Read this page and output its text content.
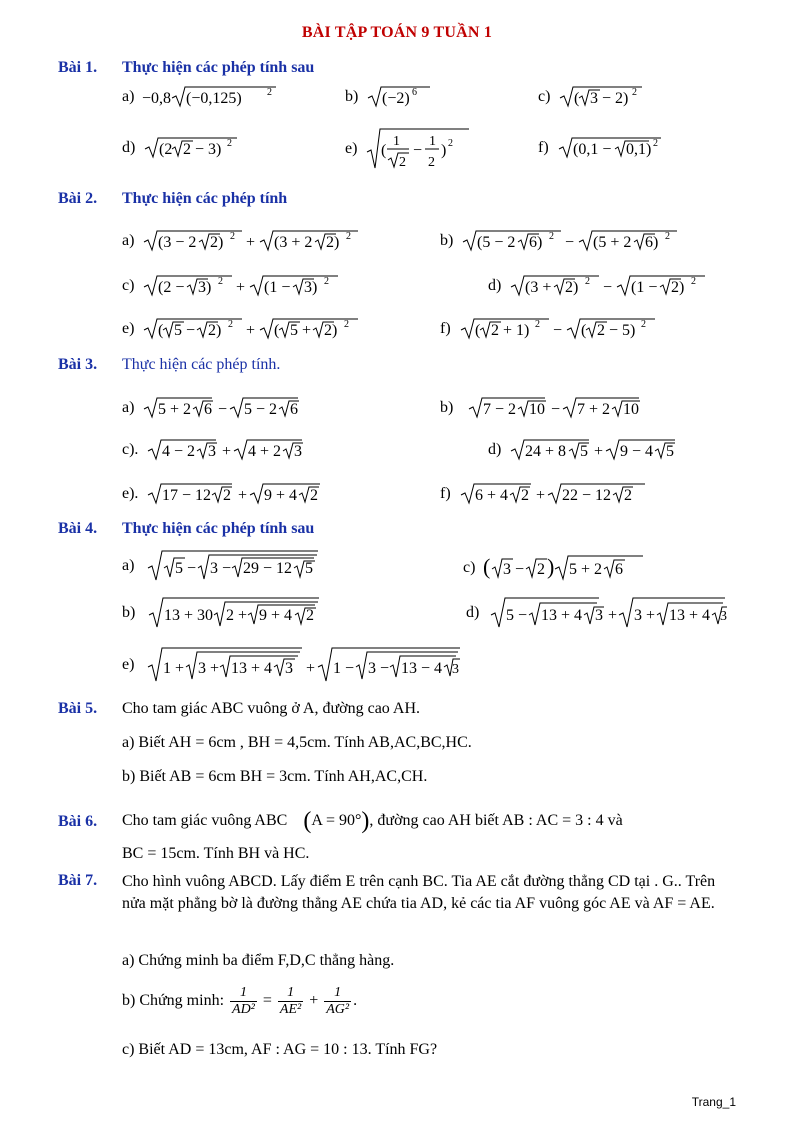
BÀI TẬP TOÁN 9 TUẦN 1
Bài 1. Thực hiện các phép tính sau
a) −0,8 (−0,125)	2	b) (−2) 6	c) ( 3 − 2) 2
d) (2 2 − 3) 2	e) (
1
2
−
1
2
) 2	f) (0,1 − 0,1) 2
Bài 2. Thực hiện các phép tính
a) (3 − 2 2) 2 + (3 + 2 2) 2	b) (5 − 2 6) 2 − (5 + 2 6) 2
c) (2 − 3) 2 + (1 − 3) 2	d) (3 + 2) 2 − (1 − 2) 2
e) ( 5 − 2) 2 + ( 5 + 2) 2	f) ( 2 + 1) 2 − ( 2 − 5) 2
Bài 3. Thực hiện các phép tính.
a) 5 + 2 6 − 5 − 2 6	b) 7 − 2 10 − 7 + 2 10
c). 4 − 2 3 + 4 + 2 3	d) 24 + 8 5 + 9 − 4 5
e). 17 − 12 2 + 9 + 4 2	f) 6 + 4 2 + 22 − 12 2
Bài 4. Thực hiện các phép tính sau
a)	5 − 3 − 29 − 12 5	c) ( 3 − 2 ) 5 + 2 6
b) 13 + 30 2 + 9 + 4 2	d) 5 − 13 + 4 3 + 3 + 13 + 4 3
e) 1 + 3 + 13 + 4 3 + 1 − 3 − 13 − 4 3
Bài 5. Cho tam giác ABC vuông ở A, đường cao AH.
a) Biết AH = 6cm , BH = 4,5cm. Tính AB,AC,BC,HC.
b) Biết AB = 6cm BH = 3cm. Tính AH,AC,CH.
Bài 6. Cho tam giác vuông ABC (A = 90°), đường cao AH biết AB : AC = 3 : 4 và
BC = 15cm. Tính BH và HC.
Bài 7. Cho hình vuông ABCD. Lấy điểm E trên cạnh BC. Tia AE cắt đường thẳng CD tại . G.. Trên nửa mặt phẳng bờ là đường thẳng AE chứa tia AD, kẻ các tia AF vuông góc AE và AF = AE.
a) Chứng minh ba điểm F,D,C thẳng hàng.
b) Chứng minh: $\frac{1}{\text{AD²}} = \frac{1}{\text{AE²}} + \frac{1}{\text{AG²}}$ .
c) Biết AD = 13cm, AF : AG = 10 : 13. Tính FG?
Trang_1
